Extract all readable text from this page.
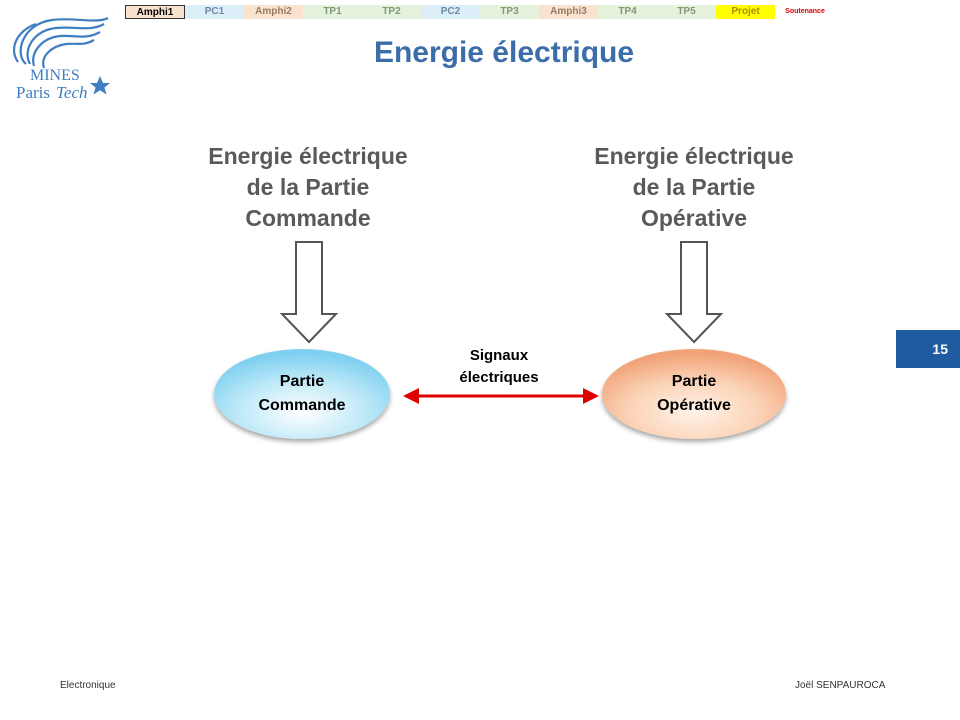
MINES
Paris Tech
Amphi1	PC1	Amphi2	TP1	TP2	PC2	TP3	Amphi3	TP4	TP5	Projet	Soutenance
Energie électrique
Energie électrique
de la Partie
Commande
Energie électrique
de la Partie
Opérative
Partie
Commande
Partie
Opérative
Signaux
électriques
15
Electronique	Joël SENPAUROCA
